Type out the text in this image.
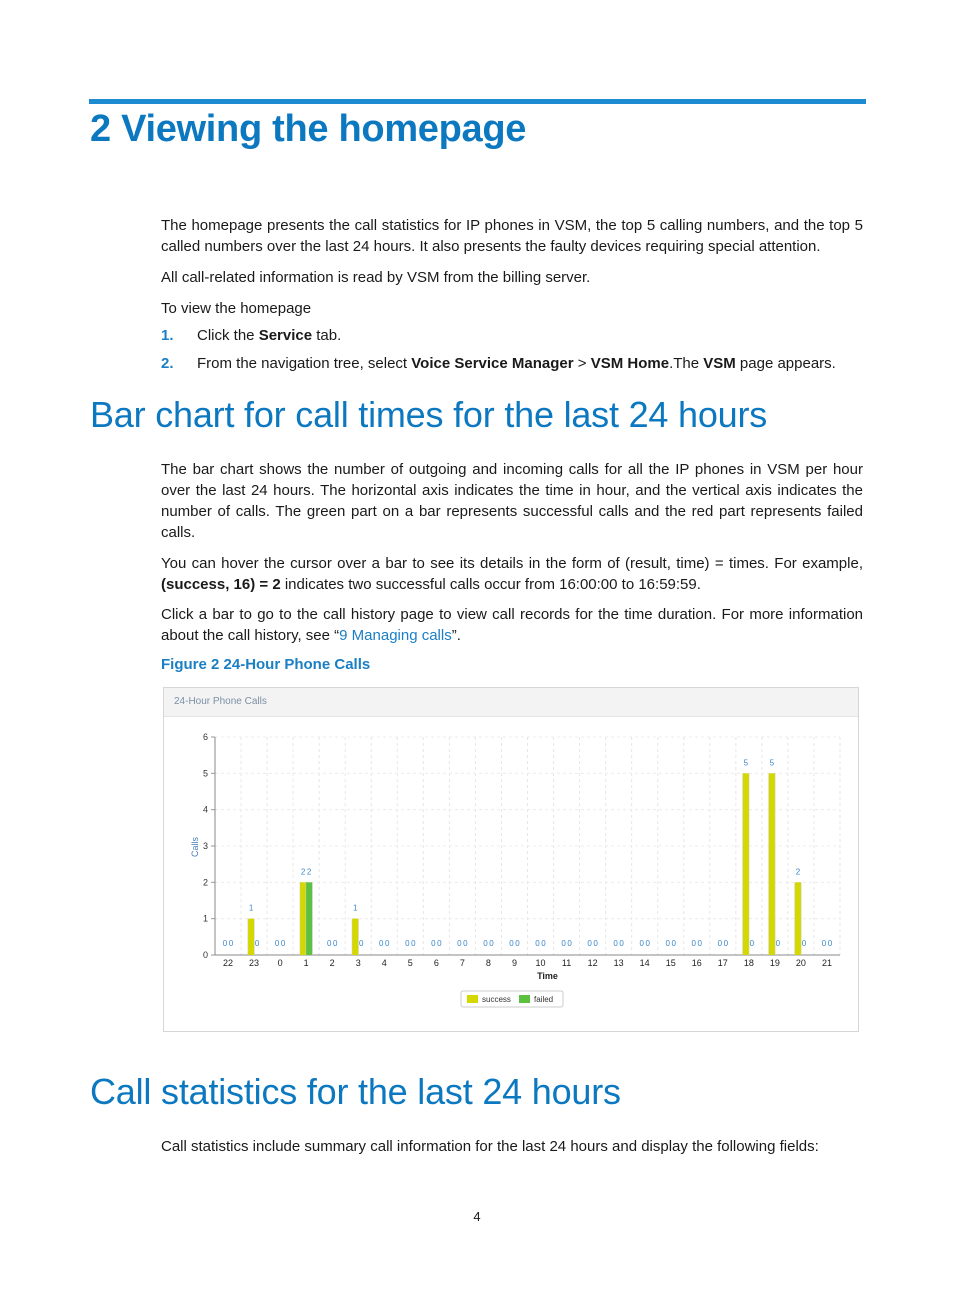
2 Viewing the homepage

The homepage presents the call statistics for IP phones in VSM, the top 5 calling numbers, and the top 5 called numbers over the last 24 hours. It also presents the faulty devices requiring special attention.

All call-related information is read by VSM from the billing server.

To view the homepage

1. Click the Service tab.
2. From the navigation tree, select Voice Service Manager > VSM Home.The VSM page appears.
Bar chart for call times for the last 24 hours

The bar chart shows the number of outgoing and incoming calls for all the IP phones in VSM per hour over the last 24 hours. The horizontal axis indicates the time in hour, and the vertical axis indicates the number of calls. The green part on a bar represents successful calls and the red part represents failed calls.

You can hover the cursor over a bar to see its details in the form of (result, time) = times. For example, (success, 16) = 2 indicates two successful calls occur from 16:00:00 to 16:59:59.

Click a bar to go to the call history page to view call records for the time duration. For more information about the call history, see “9 Managing calls”.

Figure 2 24-Hour Phone Calls

24-Hour Phone Calls
0
1
2
3
4
5
6
Calls
0 0
22
1
0
23
0 0
0
2 2
1
0 0
2
1
0
3
0 0
4
0 0
5
0 0
6
0 0
7
0 0
8
0 0
9
0 0
10
0 0
11
0 0
12
0 0
13
0 0
14
0 0
15
0 0
16
0 0
17
5
0
18
5
0
19
2
0
20
0 0
21
Time
success	failed
Call statistics for the last 24 hours

Call statistics include summary call information for the last 24 hours and display the following fields:

4
